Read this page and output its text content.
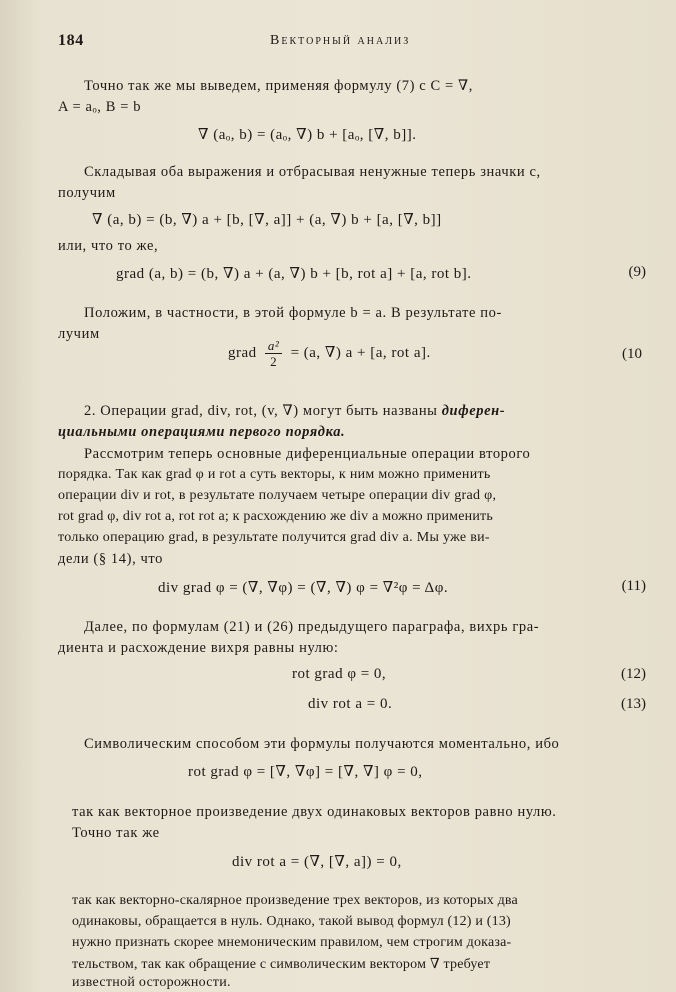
184	Векторный анализ
Точно так же мы выведем, применяя формулу (7) с C = ∇,
A = aₒ, B = b
∇ (aₒ, b) = (aₒ, ∇) b + [aₒ, [∇, b]].
Складывая оба выражения и отбрасывая ненужные теперь значки c,
получим
∇ (a, b) = (b, ∇) a + [b, [∇, a]] + (a, ∇) b + [a, [∇, b]]
или, что то же,
grad (a, b) = (b, ∇) a + (a, ∇) b + [b, rot a] + [a, rot b].	(9)
Положим, в частности, в этой формуле b = a. В результате по-
лучим
grad $\frac{\text{a²}}{2} = (a$, ∇) a + [a, rot a].	(10
2. Операции grad, div, rot, (v, ∇) могут быть названы диферен-
циальными операциями первого порядка.
Рассмотрим теперь основные диференциальные операции второго
порядка. Так как grad φ и rot a суть векторы, к ним можно применить
операции div и rot, в результате получаем четыре операции div grad φ,
rot grad φ, div rot a, rot rot a; к расхождению же div a можно применить
только операцию grad, в результате получится grad div a. Мы уже ви-
дели (§ 14), что
div grad φ = (∇, ∇φ) = (∇, ∇) φ = ∇²φ = Δφ.	(11)
Далее, по формулам (21) и (26) предыдущего параграфа, вихрь гра-
диента и расхождение вихря равны нулю:
rot grad φ = 0,	(12)
div rot a = 0.	(13)
Символическим способом эти формулы получаются моментально, ибо
rot grad φ = [∇, ∇φ] = [∇, ∇] φ = 0,
так как векторное произведение двух одинаковых векторов равно нулю.
Точно так же
div rot a = (∇, [∇, a]) = 0,
так как векторно-скалярное произведение трех векторов, из которых два
одинаковы, обращается в нуль. Однако, такой вывод формул (12) и (13)
нужно признать скорее мнемоническим правилом, чем строгим доказа-
тельством, так как обращение с символическим вектором ∇ требует
известной осторожности.
